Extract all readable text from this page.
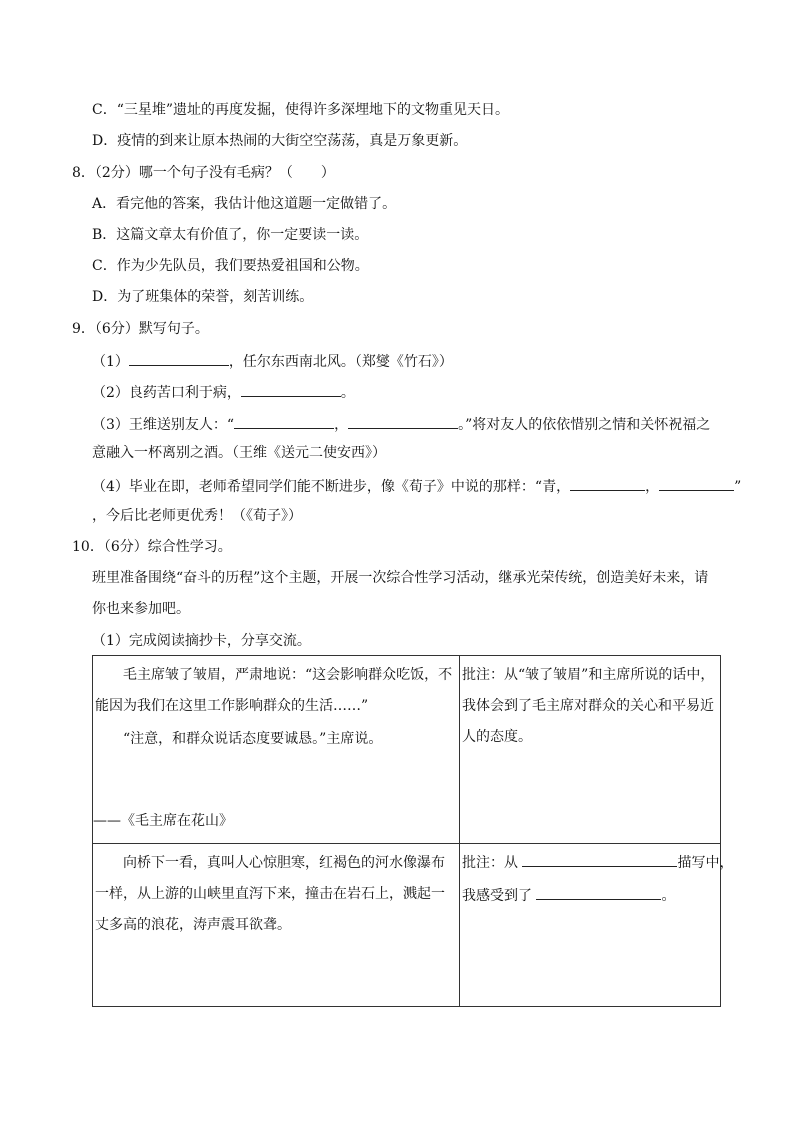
C．“三星堆”遗址的再度发掘，使得许多深埋地下的文物重见天日。
D．疫情的到来让原本热闹的大街空空荡荡，真是万象更新。
8．（2分）哪一个句子没有毛病？（　　）
A．看完他的答案，我估计他这道题一定做错了。
B．这篇文章太有价值了，你一定要读一读。
C．作为少先队员，我们要热爱祖国和公物。
D．为了班集体的荣誉，刻苦训练。
9．（6分）默写句子。
（1）	，任尔东西南北风。（郑燮《竹石》）
（2）良药苦口利于病，	。
（3）王维送别友人：“	，	。”将对友人的依依惜别之情和关怀祝福之
意融入一杯离别之酒。（王维《送元二使安西》）
（4）毕业在即，老师希望同学们能不断进步，像《荀子》中说的那样：“青，	，	”
，今后比老师更优秀！（《荀子》）
10．（6分）综合性学习。
班里准备围绕“奋斗的历程”这个主题，开展一次综合性学习活动，继承光荣传统，创造美好未来，请
你也来参加吧。
（1）完成阅读摘抄卡，分享交流。
毛主席皱了皱眉，严肃地说：“这会影响群众吃饭，不能因为我们在这里工作影响群众的生活……”
“注意，和群众说话态度要诚恳。”主席说。
——《毛主席在花山》	批注：从“皱了皱眉”和主席所说的话中，我体会到了毛主席对群众的关心和平易近人的态度。

向桥下一看，真叫人心惊胆寒，红褐色的河水像瀑布一样，从上游的山峡里直泻下来，撞击在岩石上，溅起一丈多高的浪花，涛声震耳欲聋。	批注：从 描写中，
我感受到了 。
